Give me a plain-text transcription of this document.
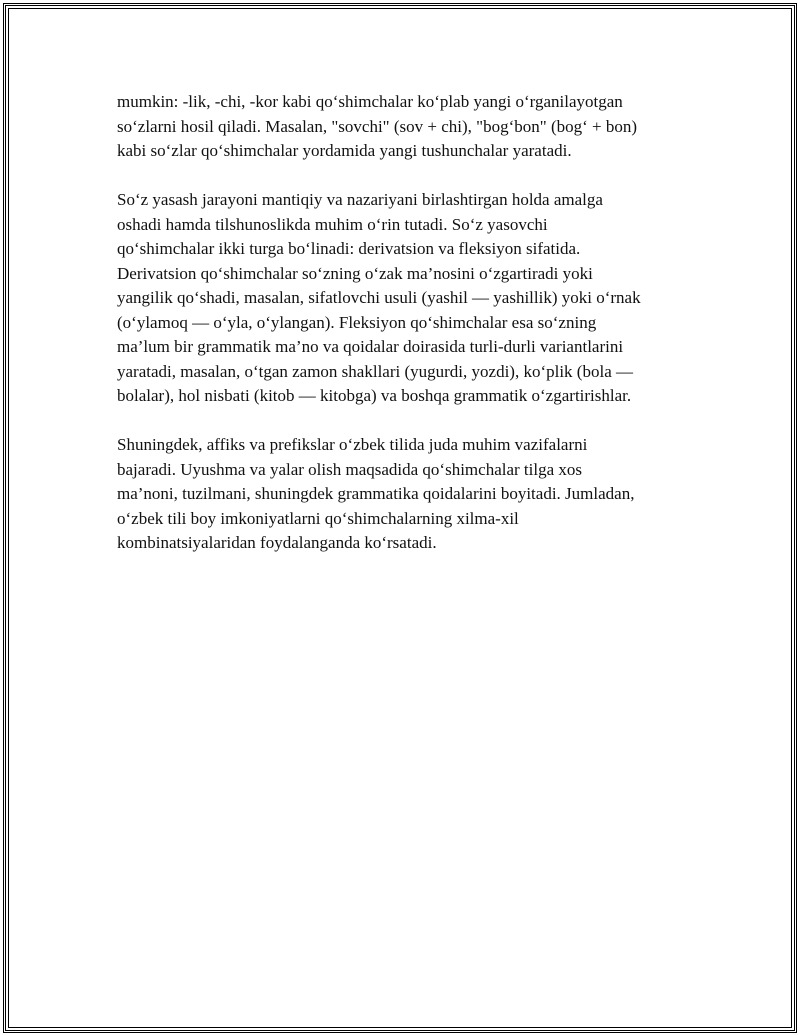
mumkin: -lik, -chi, -kor kabi qo‘shimchalar ko‘plab yangi o‘rganilayotgan
so‘zlarni hosil qiladi. Masalan, "sovchi" (sov + chi), "bog‘bon" (bog‘ + bon)
kabi so‘zlar qo‘shimchalar yordamida yangi tushunchalar yaratadi.

So‘z yasash jarayoni mantiqiy va nazariyani birlashtirgan holda amalga
oshadi hamda tilshunoslikda muhim o‘rin tutadi. So‘z yasovchi
qo‘shimchalar ikki turga bo‘linadi: derivatsion va fleksiyon sifatida.
Derivatsion qo‘shimchalar so‘zning o‘zak ma’nosini o‘zgartiradi yoki
yangilik qo‘shadi, masalan, sifatlovchi usuli (yashil — yashillik) yoki o‘rnak
(o‘ylamoq — o‘yla, o‘ylangan). Fleksiyon qo‘shimchalar esa so‘zning
ma’lum bir grammatik ma’no va qoidalar doirasida turli-durli variantlarini
yaratadi, masalan, o‘tgan zamon shakllari (yugurdi, yozdi), ko‘plik (bola —
bolalar), hol nisbati (kitob — kitobga) va boshqa grammatik o‘zgartirishlar.

Shuningdek, affiks va prefikslar o‘zbek tilida juda muhim vazifalarni
bajaradi. Uyushma va yalar olish maqsadida qo‘shimchalar tilga xos
ma’noni, tuzilmani, shuningdek grammatika qoidalarini boyitadi. Jumladan,
o‘zbek tili boy imkoniyatlarni qo‘shimchalarning xilma-xil
kombinatsiyalaridan foydalanganda ko‘rsatadi.
